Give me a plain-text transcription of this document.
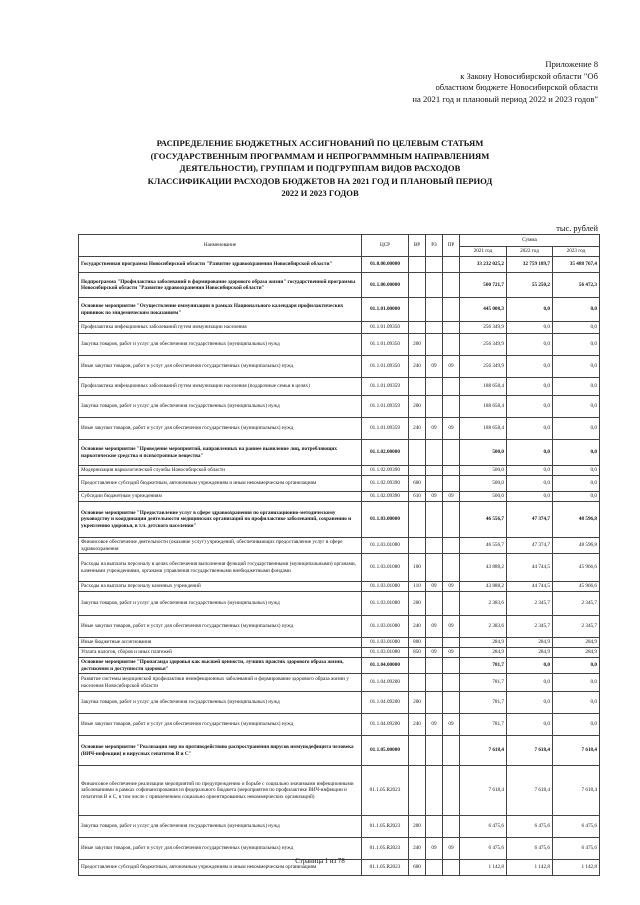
Приложение 8
к Закону Новосибирской области "Об
областном бюджете Новосибирской области
на 2021 год и плановый период 2022 и 2023 годов"
РАСПРЕДЕЛЕНИЕ БЮДЖЕТНЫХ АССИГНОВАНИЙ ПО ЦЕЛЕВЫМ СТАТЬЯМ
(ГОСУДАРСТВЕННЫМ ПРОГРАММАМ И НЕПРОГРАММНЫМ НАПРАВЛЕНИЯМ
ДЕЯТЕЛЬНОСТИ), ГРУППАМ И ПОДГРУППАМ ВИДОВ РАСХОДОВ
КЛАССИФИКАЦИИ РАСХОДОВ БЮДЖЕТОВ НА 2021 ГОД И ПЛАНОВЫЙ ПЕРИОД
2022 И 2023 ГОДОВ
тыс. рублей
Наименование	ЦСР	ВР	РЗ	ПР	Сумма		
					2021 год	2022 год	2023 год
Государственная программа Новосибирской области "Развитие здравоохранения Новосибирской области"	01.0.00.00000				33 232 025,2	32 759 189,7	35 488 767,4
Подпрограмма "Профилактика заболеваний и формирование здорового образа жизни" государственной программы Новосибирской области "Развитие здравоохранения Новосибирской области"	01.1.00.00000				500 721,7	55 250,2	56 472,3
Основное мероприятие "Осуществление иммунизации в рамках Национального календаря профилактических прививок по эпидемическим показаниям"	01.1.01.00000				445 008,3	0,0	0,0
Профилактика инфекционных заболеваний путем иммунизации населения	01.1.01.09350				256 349,9	0,0	0,0
Закупка товаров, работ и услуг для обеспечения государственных (муниципальных) нужд	01.1.01.09350	200			256 349,9	0,0	0,0
Иные закупки товаров, работ и услуг для обеспечения государственных (муниципальных) нужд	01.1.01.09350	240	09	09	256 349,9	0,0	0,0
Профилактика инфекционных заболеваний путем иммунизации населения (подарочные семьи в целях)	01.1.01.09359				188 658,4	0,0	0,0
Закупка товаров, работ и услуг для обеспечения государственных (муниципальных) нужд	01.1.01.09359	200			188 658,4	0,0	0,0
Иные закупки товаров, работ и услуг для обеспечения государственных (муниципальных) нужд	01.1.01.09359	240	09	09	188 658,4	0,0	0,0
Основное мероприятие "Проведение мероприятий, направленных на раннее выявление лиц, потребляющих наркотические средства и психотропные вещества"	01.1.02.00000				500,0	0,0	0,0
Модернизация наркологической службы Новосибирской области	01.1.02.09390				500,0	0,0	0,0
Предоставление субсидий бюджетным, автономным учреждениям и иным некоммерческим организациям	01.1.02.09390	600			500,0	0,0	0,0
Субсидии бюджетным учреждениям	01.1.02.09390	610	09	09	500,0	0,0	0,0
Основное мероприятие "Предоставление услуг в сфере здравоохранения по организационно-методическому руководству и координации деятельности медицинских организаций по профилактике заболеваний, сохранению и укреплению здоровья, в т.ч. детского населения"	01.1.03.00000				46 556,7	47 374,7	48 596,8
Финансовое обеспечение деятельности (оказание услуг) учреждений, обеспечивающих предоставление услуг в сфере здравоохранения	01.1.03.01080				46 556,7	47 374,7	48 596,8
Расходы на выплаты персоналу в целях обеспечения выполнения функций государственными (муниципальными) органами, казенными учреждениями, органами управления государственными внебюджетными фондами	01.1.03.01080	100			43 888,2	44 744,5	45 966,6
Расходы на выплаты персоналу казенных учреждений	01.1.03.01080	110	09	09	43 888,2	44 744,5	45 966,6
Закупка товаров, работ и услуг для обеспечения государственных (муниципальных) нужд	01.1.03.01080	200			2 383,6	2 345,7	2 345,7
Иные закупки товаров, работ и услуг для обеспечения государственных (муниципальных) нужд	01.1.03.01080	240	09	09	2 383,6	2 345,7	2 345,7
Иные бюджетные ассигнования	01.1.03.01080	800			284,9	284,9	284,9
Уплата налогов, сборов и иных платежей	01.1.03.01080	850	09	09	284,9	284,9	284,9
Основное мероприятие "Пропаганда здоровья как высшей ценности, лучших практик здорового образа жизни, достижения и доступности здоровья"	01.1.04.00000				781,7	0,0	0,0
Развитие системы медицинской профилактики неинфекционных заболеваний и формирование здорового образа жизни у населения Новосибирской области	01.1.04.09200				781,7	0,0	0,0
Закупка товаров, работ и услуг для обеспечения государственных (муниципальных) нужд	01.1.04.09200	200			781,7	0,0	0,0
Иные закупки товаров, работ и услуг для обеспечения государственных (муниципальных) нужд	01.1.04.09200	240	09	09	781,7	0,0	0,0
Основное мероприятие "Реализация мер по противодействию распространения вирусов иммунодефицита человека (ВИЧ-инфекции) и вирусных гепатитов В и С"	01.1.05.00000				7 618,4	7 618,4	7 618,4
Финансовое обеспечение реализации мероприятий по предупреждению и борьбе с социально значимыми инфекционными заболеваниями в рамках софинансирования из федерального бюджета (мероприятия по профилактике ВИЧ-инфекции и гепатитов В и С, в том числе с привлечением социально ориентированных некоммерческих организаций)	01.1.05.R2023				7 618,4	7 618,4	7 618,4
Закупка товаров, работ и услуг для обеспечения государственных (муниципальных) нужд	01.1.05.R2023	200			6 475,6	6 475,6	6 475,6
Иные закупки товаров, работ и услуг для обеспечения государственных (муниципальных) нужд	01.1.05.R2023	240	09	09	6 475,6	6 475,6	6 475,6
Предоставление субсидий бюджетным, автономным учреждениям и иным некоммерческим организациям	01.1.05.R2023	600			1 142,8	1 142,8	1 142,8
Страница 1 из 78
